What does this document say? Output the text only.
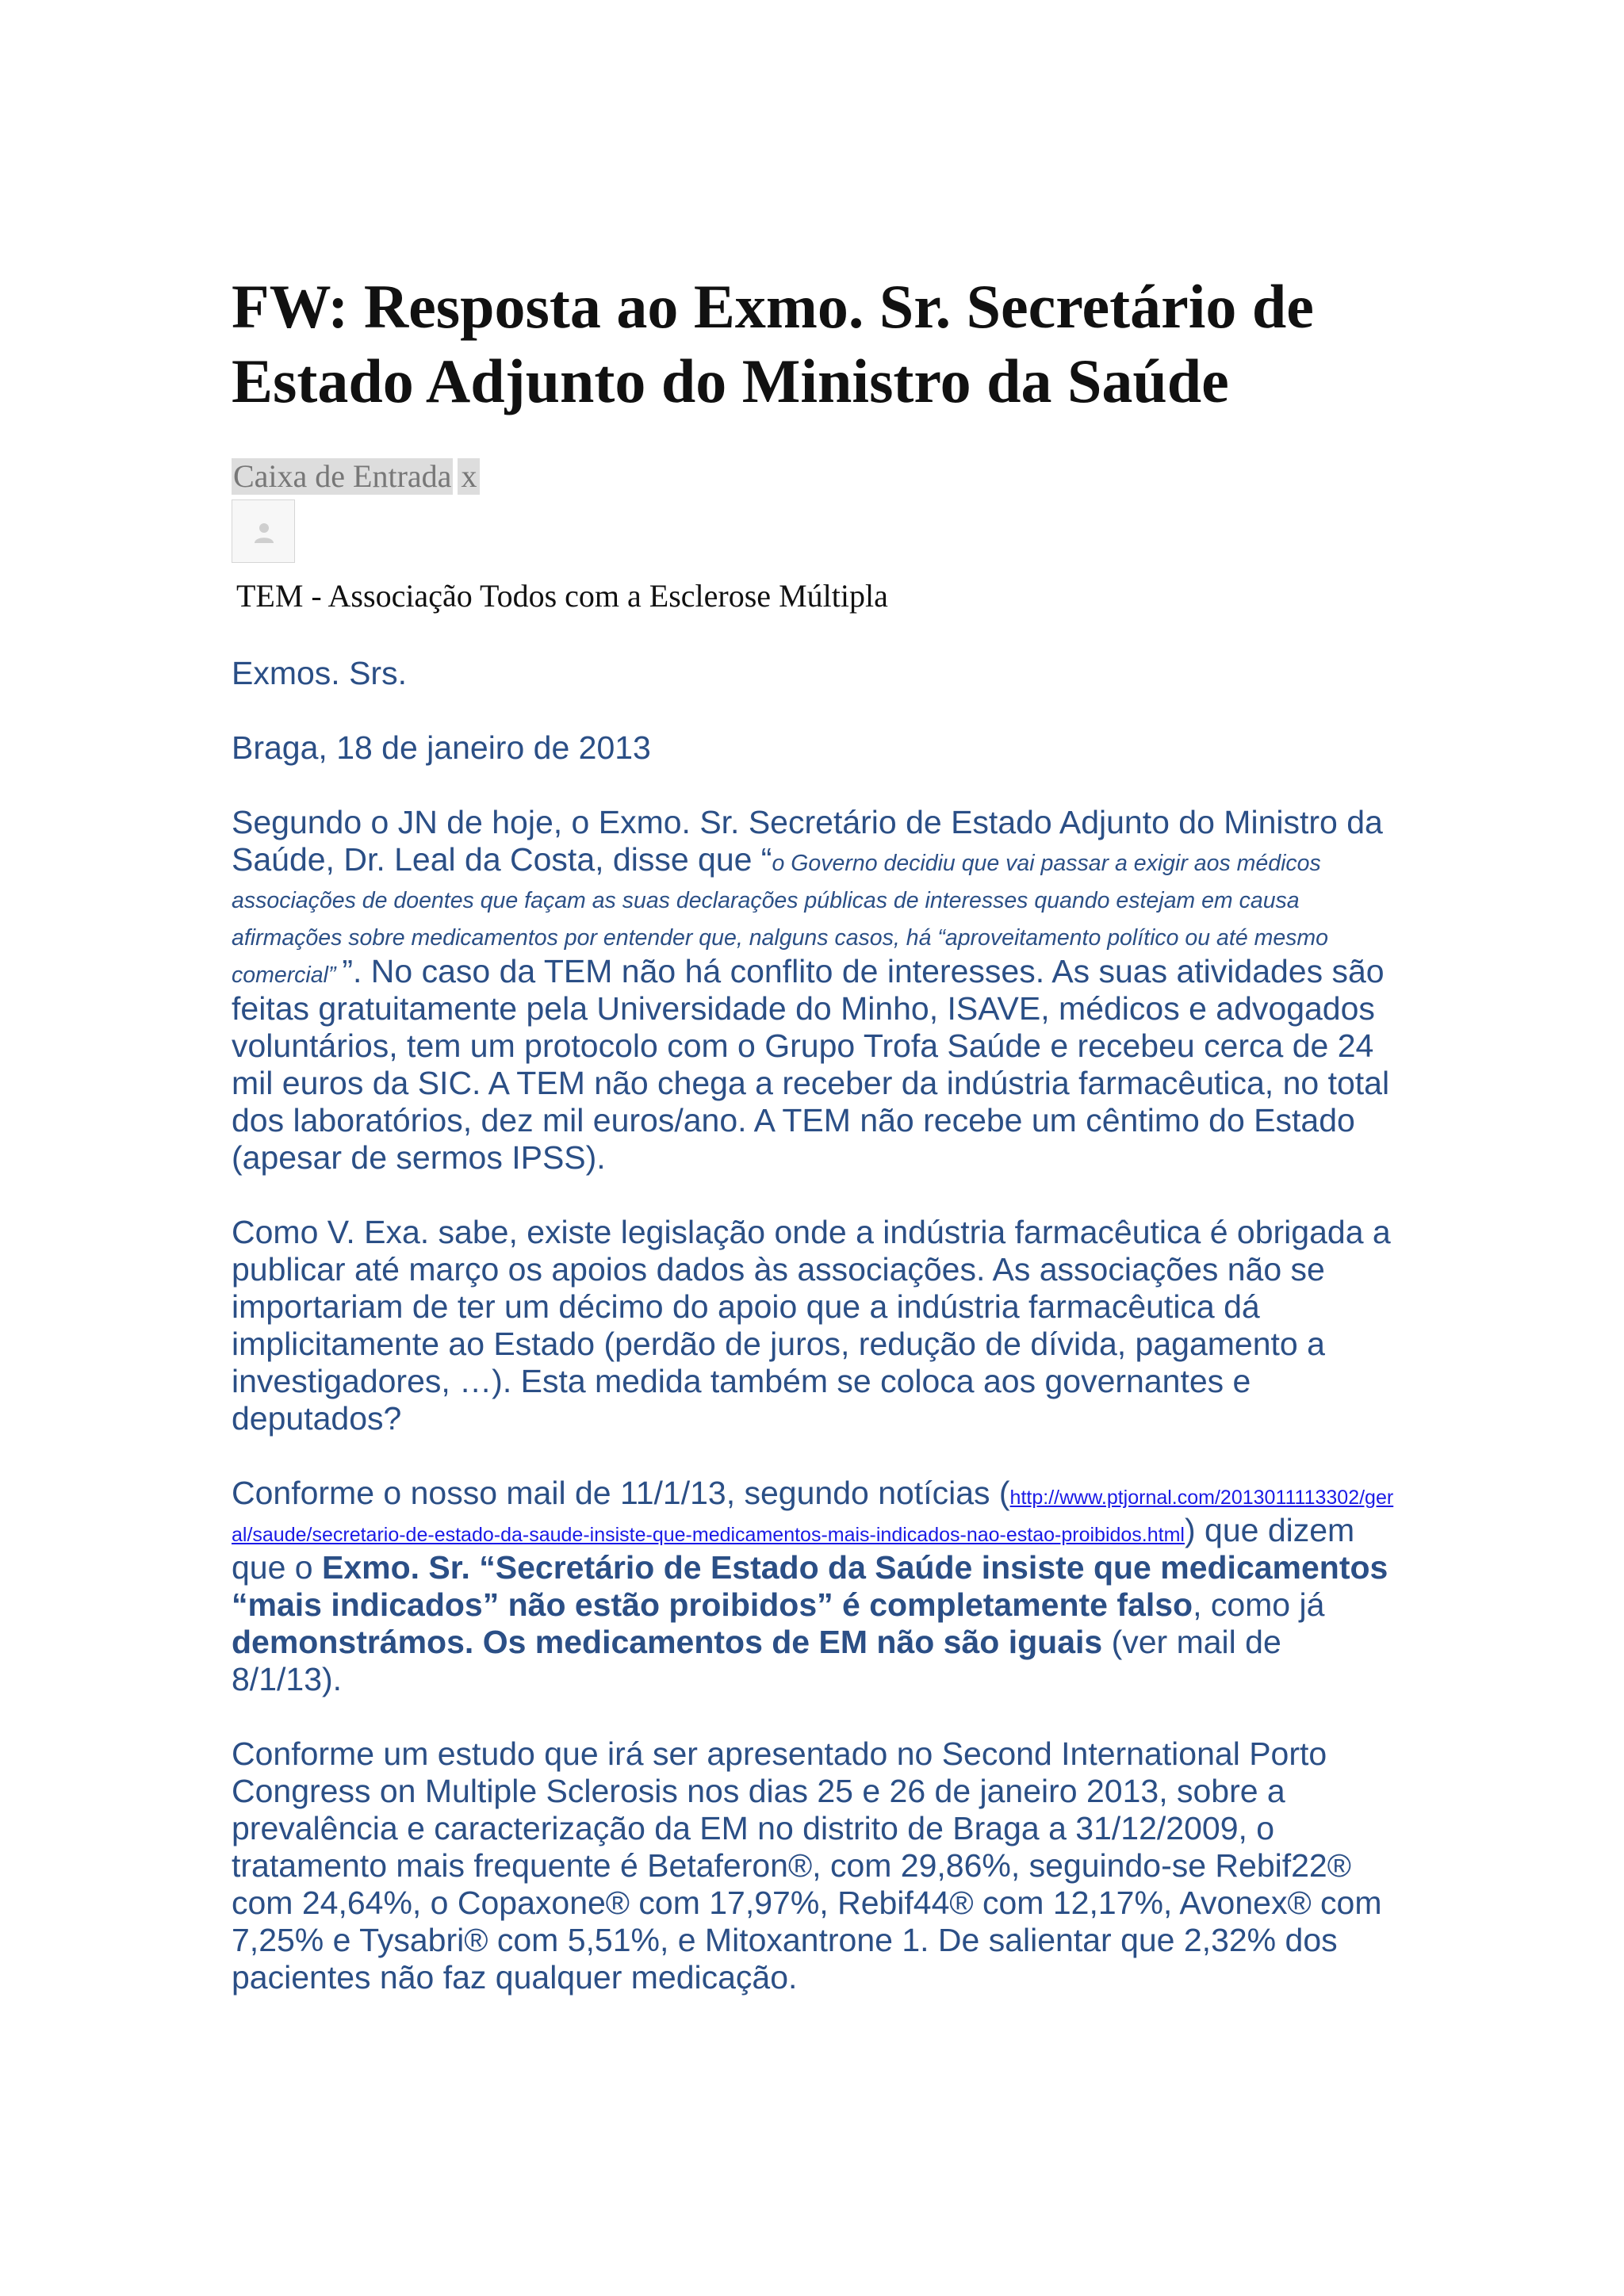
FW: Resposta ao Exmo. Sr. Secretário de Estado Adjunto do Ministro da Saúde
Caixa de Entrada x
TEM - Associação Todos com a Esclerose Múltipla

Exmos. Srs.

Braga, 18 de janeiro de 2013

Segundo o JN de hoje, o Exmo. Sr. Secretário de Estado Adjunto do Ministro da Saúde, Dr. Leal da Costa, disse que “o Governo decidiu que vai passar a exigir aos médicos associações de doentes que façam as suas declarações públicas de interesses quando estejam em causa afirmações sobre medicamentos por entender que, nalguns casos, há “aproveitamento político ou até mesmo comercial” ”. No caso da TEM não há conflito de interesses. As suas atividades são feitas gratuitamente pela Universidade do Minho, ISAVE, médicos e advogados voluntários, tem um protocolo com o Grupo Trofa Saúde e recebeu cerca de 24 mil euros da SIC. A TEM não chega a receber da indústria farmacêutica, no total dos laboratórios, dez mil euros/ano. A TEM não recebe um cêntimo do Estado (apesar de sermos IPSS).

Como V. Exa. sabe, existe legislação onde a indústria farmacêutica é obrigada a publicar até março os apoios dados às associações. As associações não se importariam de ter um décimo do apoio que a indústria farmacêutica dá implicitamente ao Estado (perdão de juros, redução de dívida, pagamento a investigadores, …). Esta medida também se coloca aos governantes e deputados?

Conforme o nosso mail de 11/1/13, segundo notícias (http://www.ptjornal.com/2013011113302/geral/saude/secretario-de-estado-da-saude-insiste-que-medicamentos-mais-indicados-nao-estao-proibidos.html) que dizem que o Exmo. Sr. “Secretário de Estado da Saúde insiste que medicamentos “mais indicados” não estão proibidos” é completamente falso, como já demonstrámos. Os medicamentos de EM não são iguais (ver mail de 8/1/13).

Conforme um estudo que irá ser apresentado no Second International Porto Congress on Multiple Sclerosis nos dias 25 e 26 de janeiro 2013, sobre a prevalência e caracterização da EM no distrito de Braga a 31/12/2009, o tratamento mais frequente é Betaferon®, com 29,86%, seguindo-se Rebif22® com 24,64%, o Copaxone® com 17,97%, Rebif44® com 12,17%, Avonex® com 7,25% e Tysabri® com 5,51%, e Mitoxantrone 1. De salientar que 2,32% dos pacientes não faz qualquer medicação.
